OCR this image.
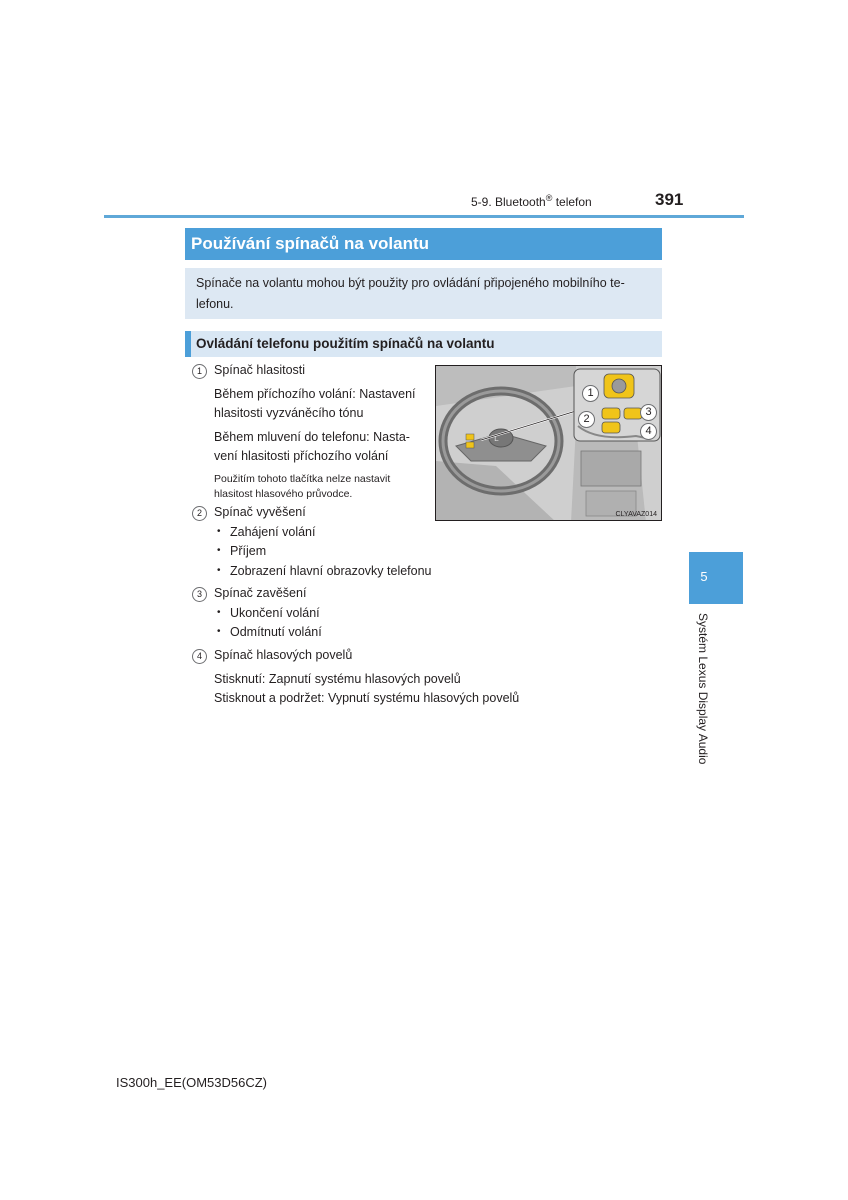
5-9. Bluetooth® telefon	391
Používání spínačů na volantu
Spínače na volantu mohou být použity pro ovládání připojeného mobilního te-
lefonu.
Ovládání telefonu použitím spínačů na volantu
1 Spínač hlasitosti
Během příchozího volání: Nastavení
hlasitosti vyzváněcího tónu
Během mluvení do telefonu: Nasta-
vení hlasitosti příchozího volání
Použitím tohoto tlačítka nelze nastavit
hlasitost hlasového průvodce.
2 Spínač vyvěšení
• Zahájení volání
• Příjem
• Zobrazení hlavní obrazovky telefonu
3 Spínač zavěšení
• Ukončení volání
• Odmítnutí volání
4 Spínač hlasových povelů
Stisknutí: Zapnutí systému hlasových povelů
Stisknout a podržet: Vypnutí systému hlasových povelů
L
1
2
3
4
CLYAVAZ014
5
Systém Lexus Display Audio
IS300h_EE(OM53D56CZ)
